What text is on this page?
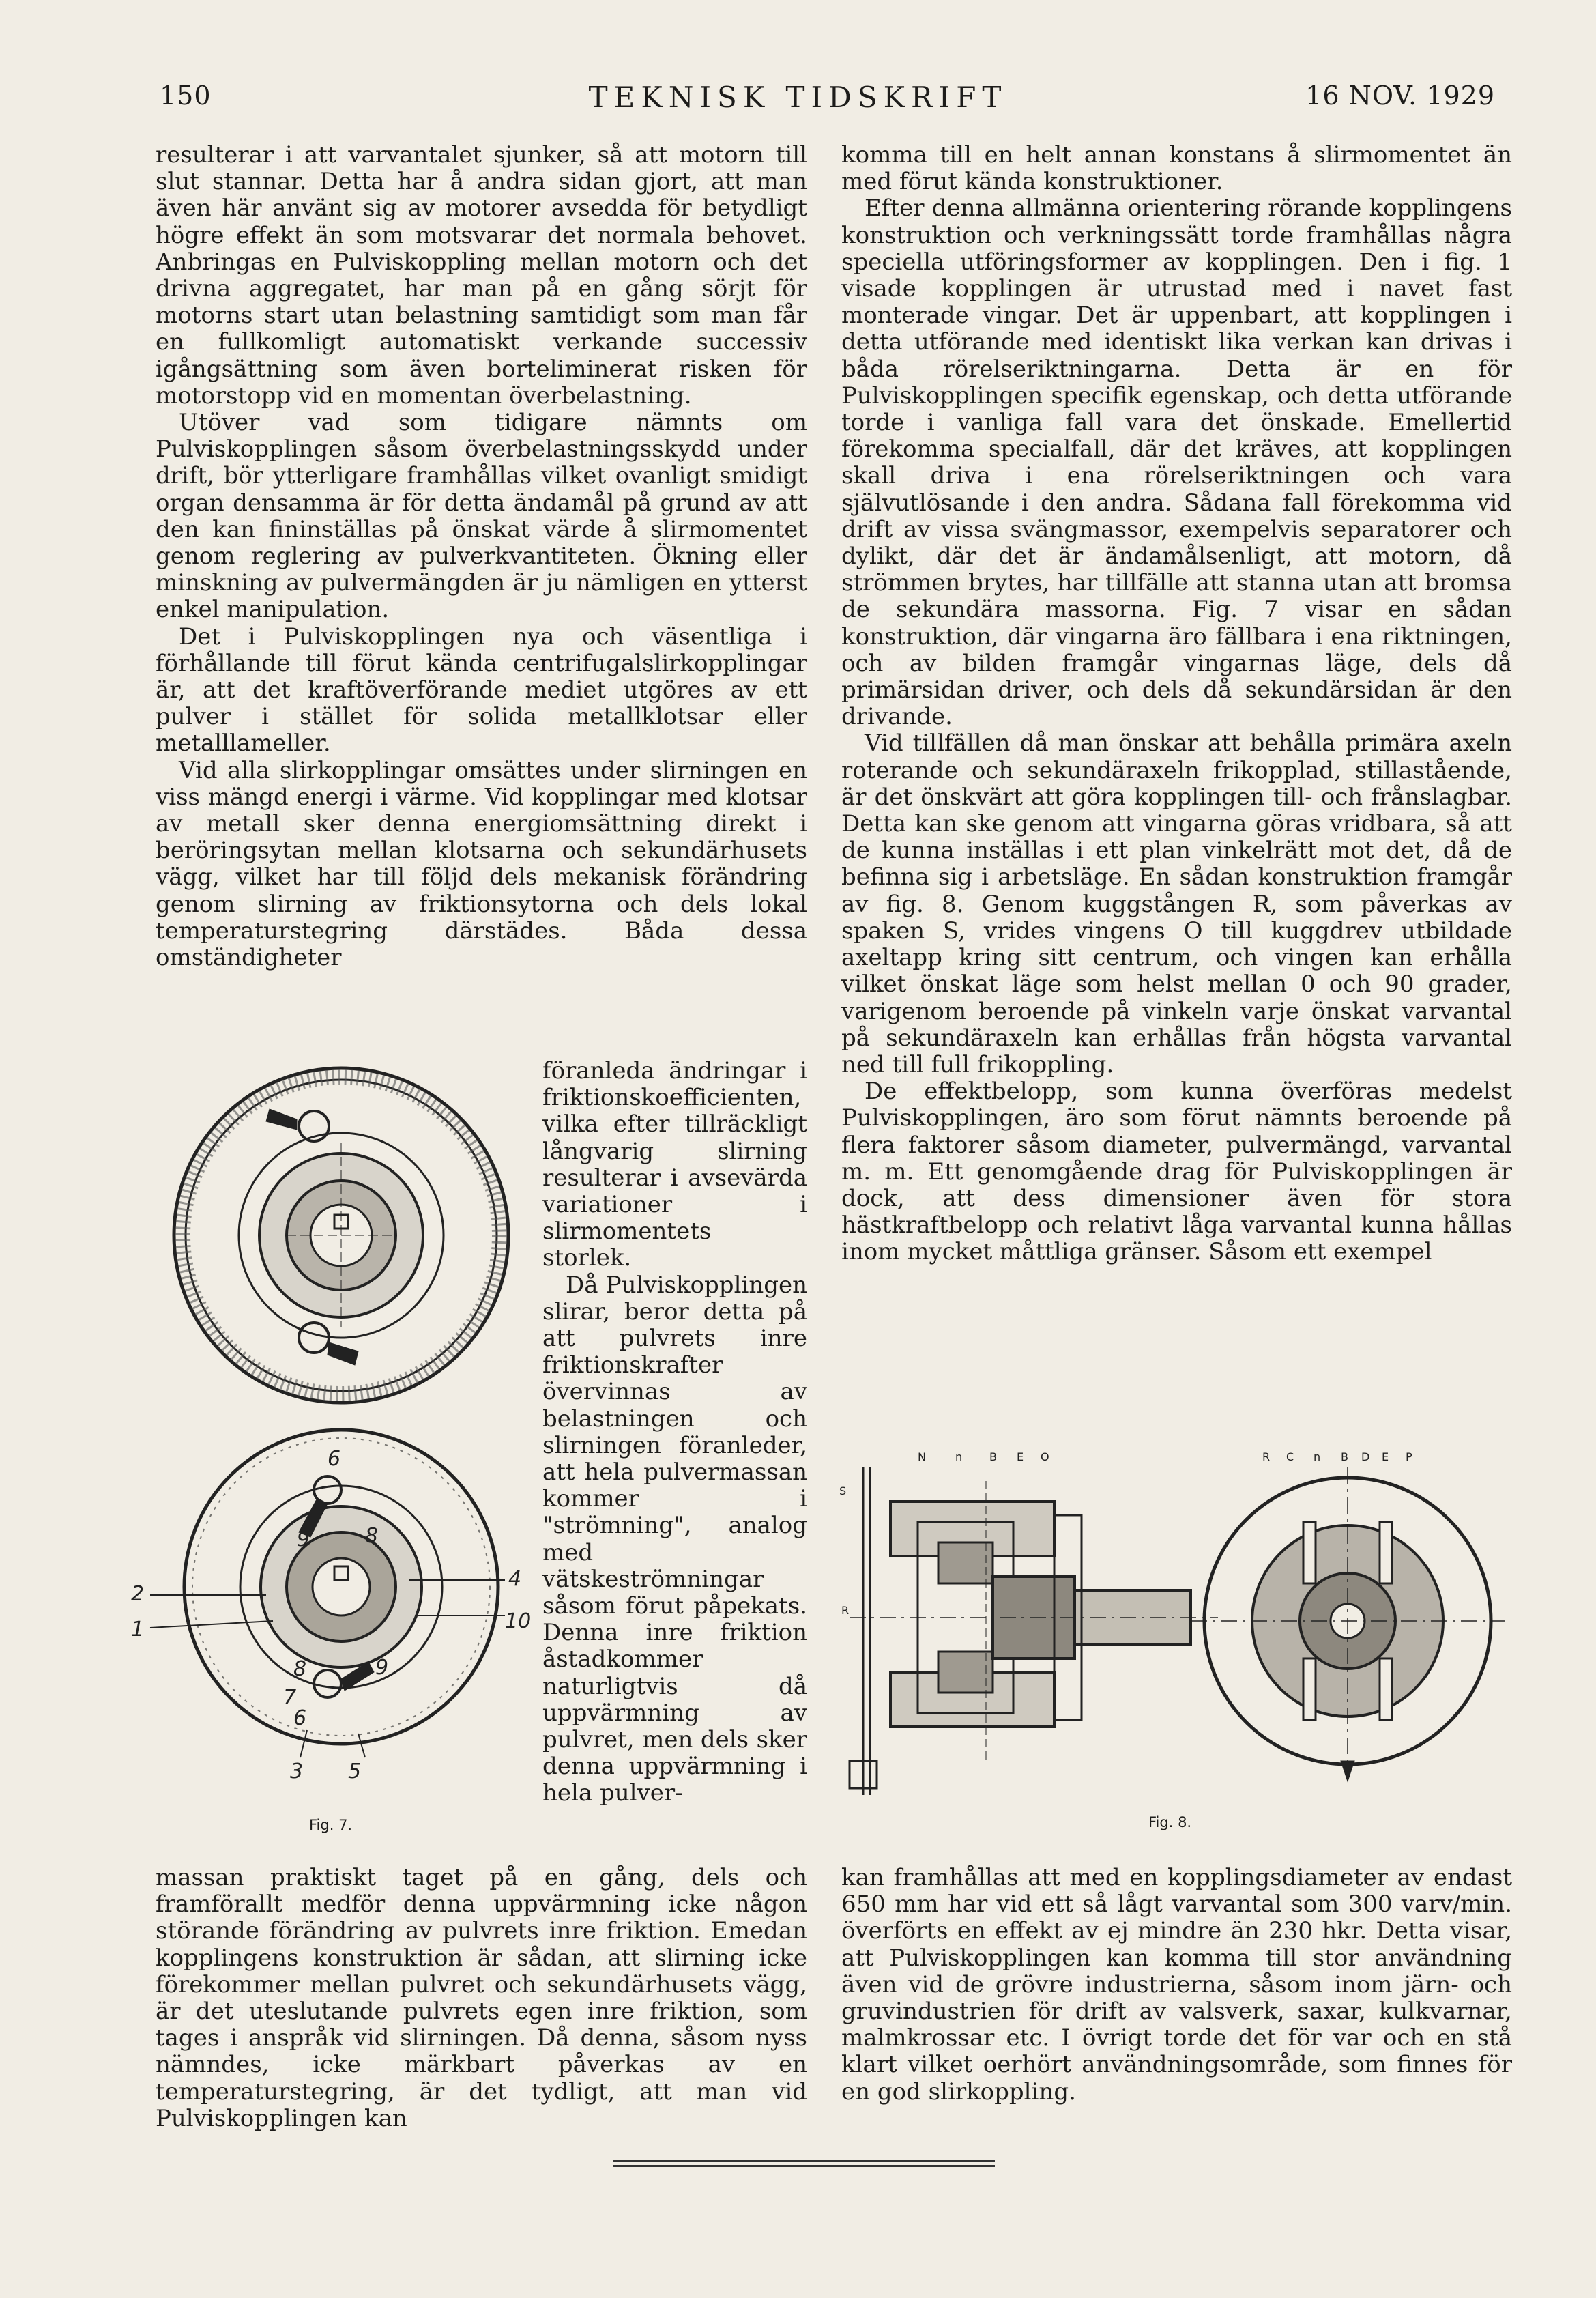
150	TEKNISK TIDSKRIFT	16 NOV. 1929

resulterar i att varvantalet sjunker, så att motorn till slut stannar. Detta har å andra sidan gjort, att man även här använt sig av motorer avsedda för betydligt högre effekt än som motsvarar det normala behovet. Anbringas en Pulviskoppling mellan motorn och det drivna aggregatet, har man på en gång sörjt för motorns start utan belastning samtidigt som man får en fullkomligt automatiskt verkande successiv igångsättning som även borteliminerat risken för motorstopp vid en momentan överbelastning.

Utöver vad som tidigare nämnts om Pulviskopplingen såsom överbelastningsskydd under drift, bör ytterligare framhållas vilket ovanligt smidigt organ densamma är för detta ändamål på grund av att den kan fininställas på önskat värde å slirmomentet genom reglering av pulverkvantiteten. Ökning eller minskning av pulvermängden är ju nämligen en ytterst enkel manipulation.

Det i Pulviskopplingen nya och väsentliga i förhållande till förut kända centrifugalslirkopplingar är, att det kraftöverförande mediet utgöres av ett pulver i stället för solida metallklotsar eller metalllameller.

Vid alla slirkopplingar omsättes under slirningen en viss mängd energi i värme. Vid kopplingar med klotsar av metall sker denna energiomsättning direkt i beröringsytan mellan klotsarna och sekundärhusets vägg, vilket har till följd dels mekanisk förändring genom slirning av friktionsytorna och dels lokal temperaturstegring därstädes. Båda dessa omständigheter

föranleda ändringar i friktionskoefficienten, vilka efter tillräckligt långvarig slirning resulterar i avsevärda variationer i slirmomentets storlek.

Då Pulviskopplingen slirar, beror detta på att pulvrets inre friktionskrafter övervinnas av belastningen och slirningen föranleder, att hela pulvermassan kommer i "strömning", analog med vätskeströmningar såsom förut påpekats. Denna inre friktion åstadkommer naturligtvis då uppvärmning av pulvret, men dels sker denna uppvärmning i hela pulver-

6
9	8
2
4
1	10
8	9
7
6
3 5
Fig. 7.

massan praktiskt taget på en gång, dels och framförallt medför denna uppvärmning icke någon störande förändring av pulvrets inre friktion. Emedan kopplingens konstruktion är sådan, att slirning icke förekommer mellan pulvret och sekundärhusets vägg, är det uteslutande pulvrets egen inre friktion, som tages i anspråk vid slirningen. Då denna, såsom nyss nämndes, icke märkbart påverkas av en temperaturstegring, är det tydligt, att man vid Pulviskopplingen kan

komma till en helt annan konstans å slirmomentet än med förut kända konstruktioner.

Efter denna allmänna orientering rörande kopplingens konstruktion och verkningssätt torde framhållas några speciella utföringsformer av kopplingen. Den i fig. 1 visade kopplingen är utrustad med i navet fast monterade vingar. Det är uppenbart, att kopplingen i detta utförande med identiskt lika verkan kan drivas i båda rörelseriktningarna. Detta är en för Pulviskopplingen specifik egenskap, och detta utförande torde i vanliga fall vara det önskade. Emellertid förekomma specialfall, där det kräves, att kopplingen skall driva i ena rörelseriktningen och vara självutlösande i den andra. Sådana fall förekomma vid drift av vissa svängmassor, exempelvis separatorer och dylikt, där det är ändamålsenligt, att motorn, då strömmen brytes, har tillfälle att stanna utan att bromsa de sekundära massorna. Fig. 7 visar en sådan konstruktion, där vingarna äro fällbara i ena riktningen, och av bilden framgår vingarnas läge, dels då primärsidan driver, och dels då sekundärsidan är den drivande.

Vid tillfällen då man önskar att behålla primära axeln roterande och sekundäraxeln frikopplad, stillastående, är det önskvärt att göra kopplingen till- och frånslagbar. Detta kan ske genom att vingarna göras vridbara, så att de kunna inställas i ett plan vinkelrätt mot det, då de befinna sig i arbetsläge. En sådan konstruktion framgår av fig. 8. Genom kuggstången R, som påverkas av spaken S, vrides vingens O till kuggdrev utbildade axeltapp kring sitt centrum, och vingen kan erhålla vilket önskat läge som helst mellan 0 och 90 grader, varigenom beroende på vinkeln varje önskat varvantal på sekundäraxeln kan erhållas från högsta varvantal ned till full frikoppling.

De effektbelopp, som kunna överföras medelst Pulviskopplingen, äro som förut nämnts beroende på flera faktorer såsom diameter, pulvermängd, varvantal m. m. Ett genomgående drag för Pulviskopplingen är dock, att dess dimensioner även för stora hästkraftbelopp och relativt låga varvantal kunna hållas inom mycket måttliga gränser. Såsom ett exempel

N	n B E O
S
R
R C n B D E P
Fig. 8.

kan framhållas att med en kopplingsdiameter av endast 650 mm har vid ett så lågt varvantal som 300 varv/min. överförts en effekt av ej mindre än 230 hkr. Detta visar, att Pulviskopplingen kan komma till stor användning även vid de grövre industrierna, såsom inom järn- och gruvindustrien för drift av valsverk, saxar, kulkvarnar, malmkrossar etc. I övrigt torde det för var och en stå klart vilket oerhört användningsområde, som finnes för en god slirkoppling.
